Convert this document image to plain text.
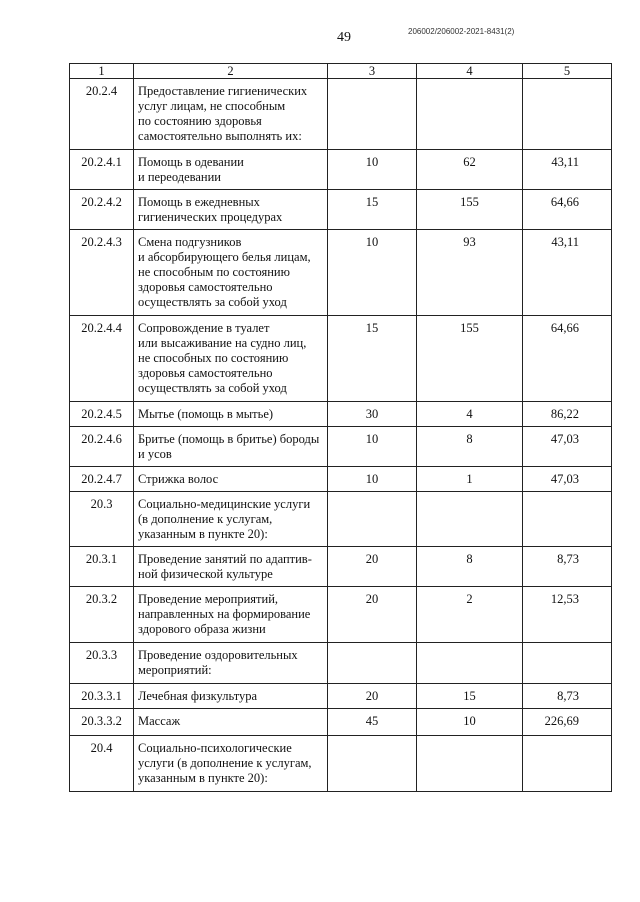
49	206002/206002-2021-8431(2)
1	2	3	4	5
20.2.4	Предоставление гигиенических
услуг лицам, не способным
по состоянию здоровья
самостоятельно выполнять их:			

20.2.4.1	Помощь в одевании
и переодевании	10	62	43,11
20.2.4.2	Помощь в ежедневных
гигиенических процедурах	15	155	64,66
20.2.4.3	Смена подгузников
и абсорбирующего белья лицам,
не способным по состоянию
здоровья самостоятельно
осуществлять за собой уход	10	93	43,11
20.2.4.4	Сопровождение в туалет
или высаживание на судно лиц,
не способных по состоянию
здоровья самостоятельно
осуществлять за собой уход	15	155	64,66
20.2.4.5	Мытье (помощь в мытье)	30	4	86,22
20.2.4.6	Бритье (помощь в бритье) бороды
и усов	10	8	47,03
20.2.4.7	Стрижка волос	10	1	47,03
20.3	Социально-медицинские услуги
(в дополнение к услугам,
указанным в пункте 20):			

20.3.1	Проведение занятий по адаптив-
ной физической культуре	20	8	8,73
20.3.2	Проведение мероприятий,
направленных на формирование
здорового образа жизни	20	2	12,53
20.3.3	Проведение оздоровительных
мероприятий:			

20.3.3.1	Лечебная физкультура	20	15	8,73
20.3.3.2	Массаж	45	10	226,69
20.4	Социально-психологические
услуги (в дополнение к услугам,
указанным в пункте 20):			
